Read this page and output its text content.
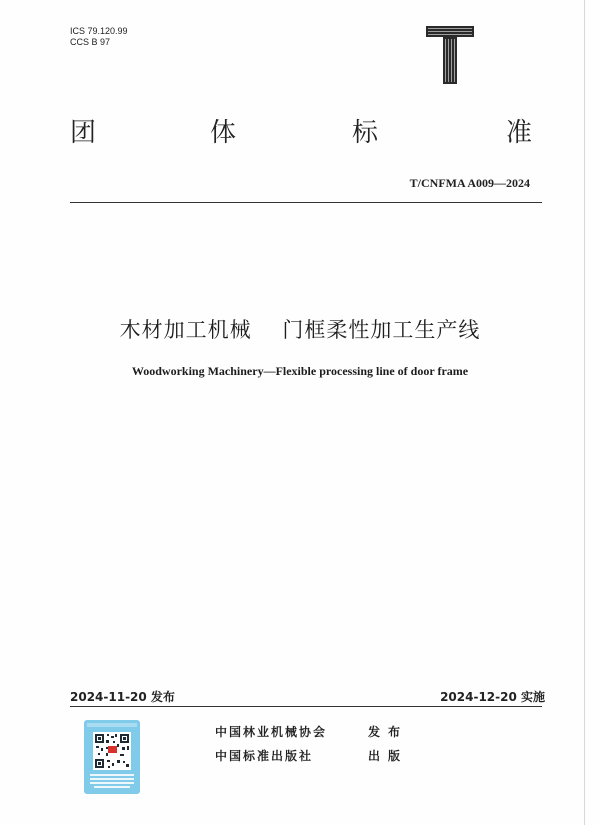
ICS 79.120.99
CCS B 97
团	体	标	准
T/CNFMA A009—2024
木材加工机械    门框柔性加工生产线
Woodworking Machinery—Flexible processing line of door frame
2024-11-20 发布	2024-12-20 实施
中国林业机械协会	发布
中国标准出版社	出版
